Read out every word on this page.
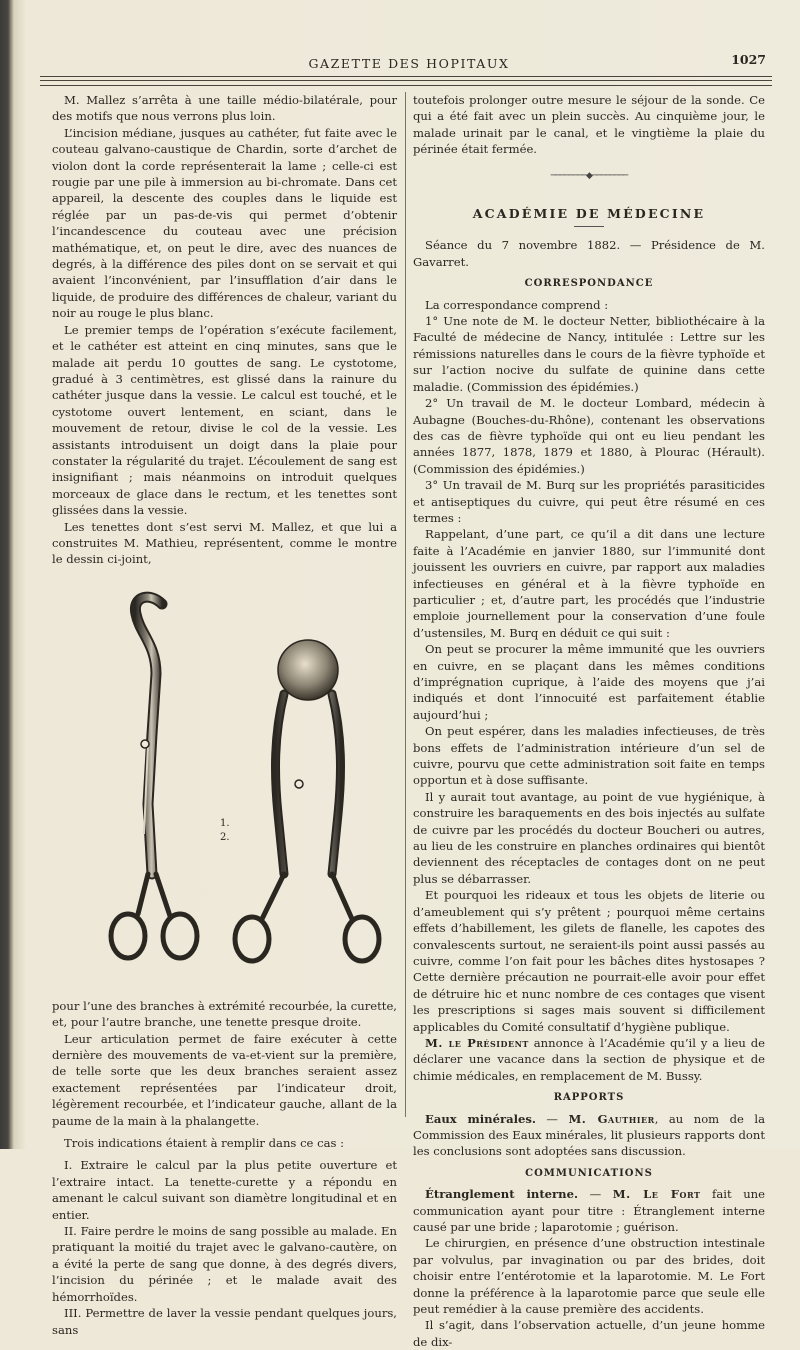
GAZETTE DES HOPITAUX	1027

M. Mallez s’arrêta à une taille médio-bilatérale, pour des motifs que nous verrons plus loin.

L’incision médiane, jusques au cathéter, fut faite avec le couteau galvano-caustique de Chardin, sorte d’archet de violon dont la corde représenterait la lame ; celle-ci est rougie par une pile à immersion au bi-chromate. Dans cet appareil, la descente des couples dans le liquide est réglée par un pas-de-vis qui permet d’obtenir l’incandescence du couteau avec une précision mathématique, et, on peut le dire, avec des nuances de degrés, à la différence des piles dont on se servait et qui avaient l’inconvénient, par l’insufflation d’air dans le liquide, de produire des différences de chaleur, variant du noir au rouge le plus blanc.

Le premier temps de l’opération s’exécute facilement, et le cathéter est atteint en cinq minutes, sans que le malade ait perdu 10 gouttes de sang. Le cystotome, gradué à 3 centimètres, est glissé dans la rainure du cathéter jusque dans la vessie. Le calcul est touché, et le cystotome ouvert lentement, en sciant, dans le mouvement de retour, divise le col de la vessie. Les assistants introduisent un doigt dans la plaie pour constater la régularité du trajet. L’écoulement de sang est insignifiant ; mais néanmoins on introduit quelques morceaux de glace dans le rectum, et les tenettes sont glissées dans la vessie.

Les tenettes dont s’est servi M. Mallez, et que lui a construites M. Mathieu, représentent, comme le montre le dessin ci-joint,

1.
2.

pour l’une des branches à extrémité recourbée, la curette, et, pour l’autre branche, une tenette presque droite.

Leur articulation permet de faire exécuter à cette dernière des mouvements de va-et-vient sur la première, de telle sorte que les deux branches seraient assez exactement représentées par l’indicateur droit, légèrement recourbée, et l’indicateur gauche, allant de la paume de la main à la phalangette.

Trois indications étaient à remplir dans ce cas :

I. Extraire le calcul par la plus petite ouverture et l’extraire intact. La tenette-curette y a répondu en amenant le calcul suivant son diamètre longitudinal et en entier.

II. Faire perdre le moins de sang possible au malade. En pratiquant la moitié du trajet avec le galvano-cautère, on a évité la perte de sang que donne, à des degrés divers, l’incision du périnée ; et le malade avait des hémorrhoïdes.

III. Permettre de laver la vessie pendant quelques jours, sans

toutefois prolonger outre mesure le séjour de la sonde. Ce qui a été fait avec un plein succès. Au cinquième jour, le malade urinait par le canal, et le vingtième la plaie du périnée était fermée.

────────◆────────
ACADÉMIE DE MÉDECINE

Séance du 7 novembre 1882. — Présidence de M. Gavarret.

CORRESPONDANCE

La correspondance comprend :

1° Une note de M. le docteur Netter, bibliothécaire à la Faculté de médecine de Nancy, intitulée : Lettre sur les rémissions naturelles dans le cours de la fièvre typhoïde et sur l’action nocive du sulfate de quinine dans cette maladie. (Commission des épidémies.)

2° Un travail de M. le docteur Lombard, médecin à Aubagne (Bouches-du-Rhône), contenant les observations des cas de fièvre typhoïde qui ont eu lieu pendant les années 1877, 1878, 1879 et 1880, à Plourac (Hérault). (Commission des épidémies.)

3° Un travail de M. Burq sur les propriétés parasiticides et antiseptiques du cuivre, qui peut être résumé en ces termes :

Rappelant, d’une part, ce qu’il a dit dans une lecture faite à l’Académie en janvier 1880, sur l’immunité dont jouissent les ouvriers en cuivre, par rapport aux maladies infectieuses en général et à la fièvre typhoïde en particulier ; et, d’autre part, les procédés que l’industrie emploie journellement pour la conservation d’une foule d’ustensiles, M. Burq en déduit ce qui suit :

On peut se procurer la même immunité que les ouvriers en cuivre, en se plaçant dans les mêmes conditions d’imprégnation cuprique, à l’aide des moyens que j’ai indiqués et dont l’innocuité est parfaitement établie aujourd’hui ;

On peut espérer, dans les maladies infectieuses, de très bons effets de l’administration intérieure d’un sel de cuivre, pourvu que cette administration soit faite en temps opportun et à dose suffisante.

Il y aurait tout avantage, au point de vue hygiénique, à construire les baraquements en des bois injectés au sulfate de cuivre par les procédés du docteur Boucheri ou autres, au lieu de les construire en planches ordinaires qui bientôt deviennent des réceptacles de contages dont on ne peut plus se débarrasser.

Et pourquoi les rideaux et tous les objets de literie ou d’ameublement qui s’y prêtent ; pourquoi même certains effets d’habillement, les gilets de flanelle, les capotes des convalescents surtout, ne seraient-ils point aussi passés au cuivre, comme l’on fait pour les bâches dites hystosapes ? Cette dernière précaution ne pourrait-elle avoir pour effet de détruire hic et nunc nombre de ces contages que visent les prescriptions si sages mais souvent si difficilement applicables du Comité consultatif d’hygiène publique.

M. le Président annonce à l’Académie qu’il y a lieu de déclarer une vacance dans la section de physique et de chimie médicales, en remplacement de M. Bussy.

RAPPORTS

Eaux minérales. — M. Gauthier, au nom de la Commission des Eaux minérales, lit plusieurs rapports dont les conclusions sont adoptées sans discussion.

COMMUNICATIONS

Étranglement interne. — M. Le Fort fait une communication ayant pour titre : Étranglement interne causé par une bride ; laparotomie ; guérison.

Le chirurgien, en présence d’une obstruction intestinale par volvulus, par invagination ou par des brides, doit choisir entre l’entérotomie et la laparotomie. M. Le Fort donne la préférence à la laparotomie parce que seule elle peut remédier à la cause première des accidents.

Il s’agit, dans l’observation actuelle, d’un jeune homme de dix-
